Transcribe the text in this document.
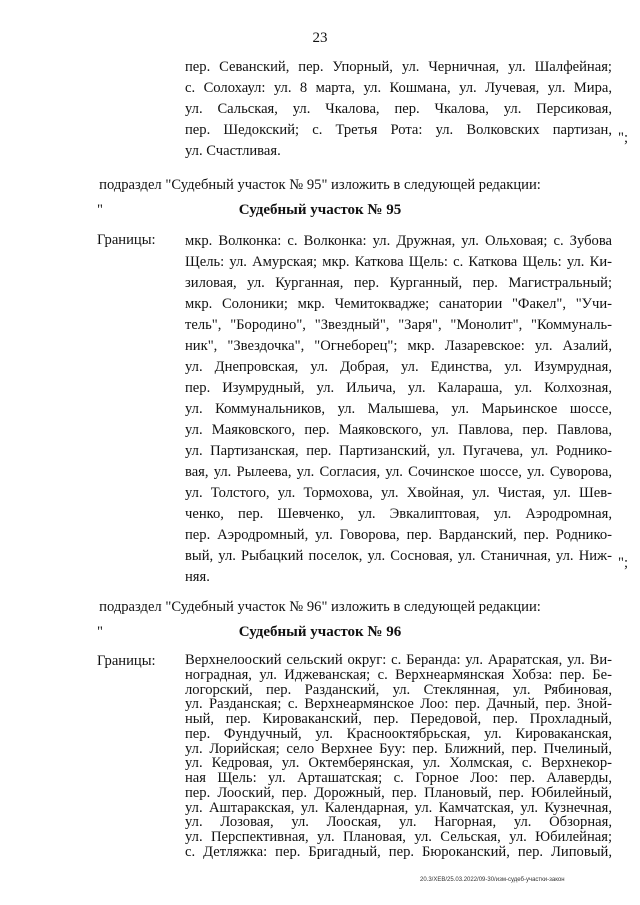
23
пер. Севанский, пер. Упорный, ул. Черничная, ул. Шалфейная;
с. Солохаул: ул. 8 марта, ул. Кошмана, ул. Лучевая, ул. Мира,
ул. Сальская, ул. Чкалова, пер. Чкалова, ул. Персиковая,
пер. Шедокский; с. Третья Рота: ул. Волковских партизан,
ул. Счастливая.
";
подраздел "Судебный участок № 95" изложить в следующей редакции:
"	Судебный участок № 95
Границы: мкр. Волконка: с. Волконка: ул. Дружная, ул. Ольховая; с. Зубова
Щель: ул. Амурская; мкр. Каткова Щель: с. Каткова Щель: ул. Ки-
зиловая, ул. Курганная, пер. Курганный, пер. Магистральный;
мкр. Солоники; мкр. Чемитоквадже; санатории "Факел", "Учи-
тель", "Бородино", "Звездный", "Заря", "Монолит", "Коммуналь-
ник", "Звездочка", "Огнеборец"; мкр. Лазаревское: ул. Азалий,
ул. Днепровская, ул. Добрая, ул. Единства, ул. Изумрудная,
пер. Изумрудный, ул. Ильича, ул. Калараша, ул. Колхозная,
ул. Коммунальников, ул. Малышева, ул. Марьинское шоссе,
ул. Маяковского, пер. Маяковского, ул. Павлова, пер. Павлова,
ул. Партизанская, пер. Партизанский, ул. Пугачева, ул. Роднико-
вая, ул. Рылеева, ул. Согласия, ул. Сочинское шоссе, ул. Суворова,
ул. Толстого, ул. Тормохова, ул. Хвойная, ул. Чистая, ул. Шев-
ченко, пер. Шевченко, ул. Эвкалиптовая, ул. Аэродромная,
пер. Аэродромный, ул. Говорова, пер. Варданский, пер. Роднико-
вый, ул. Рыбацкий поселок, ул. Сосновая, ул. Станичная, ул. Ниж-
няя.
";
подраздел "Судебный участок № 96" изложить в следующей редакции:
"	Судебный участок № 96
Границы: Верхнелооский сельский округ: с. Беранда: ул. Араратская, ул. Ви-
ноградная, ул. Иджеванская; с. Верхнеармянская Хобза: пер. Бе-
логорский, пер. Разданский, ул. Стеклянная, ул. Рябиновая,
ул. Разданская; с. Верхнеармянское Лоо: пер. Дачный, пер. Зной-
ный, пер. Кироваканский, пер. Передовой, пер. Прохладный,
пер. Фундучный, ул. Краснооктябрьская, ул. Кироваканская,
ул. Лорийская; село Верхнее Буу: пер. Ближний, пер. Пчелиный,
ул. Кедровая, ул. Октемберянская, ул. Холмская, с. Верхнекор-
ная Щель: ул. Арташатская; с. Горное Лоо: пер. Алаверды,
пер. Лооский, пер. Дорожный, пер. Плановый, пер. Юбилейный,
ул. Аштаракская, ул. Календарная, ул. Камчатская, ул. Кузнечная,
ул. Лозовая, ул. Лооская, ул. Нагорная, ул. Обзорная,
ул. Перспективная, ул. Плановая, ул. Сельская, ул. Юбилейная;
с. Детляжка: пер. Бригадный, пер. Бюроканский, пер. Липовый,
20.3/ХЕВ/25.03.2022/09-30/изм-судеб-участки-закон
